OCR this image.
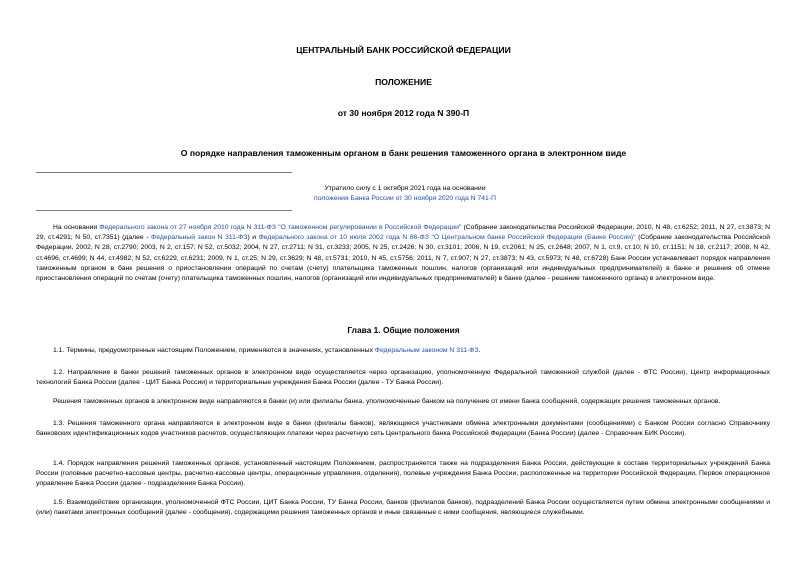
ЦЕНТРАЛЬНЫЙ БАНК РОССИЙСКОЙ ФЕДЕРАЦИИ
ПОЛОЖЕНИЕ
от 30 ноября 2012 года N 390-П
О порядке направления таможенным органом в банк решения таможенного органа в электронном виде
Утратило силу с 1 октября 2021 года на основании
положения Банка России от 30 ноября 2020 года N 741-П
На основании Федерального закона от 27 ноября 2010 года N 311-ФЗ "О таможенном регулировании в Российской Федерации" (Собрание законодательства Российской Федерации, 2010, N 48, ст.6252; 2011, N 27, ст.3873; N 29, ст.4291; N 50, ст.7351) (далее - Федеральный закон N 311-ФЗ) и Федерального закона от 10 июля 2002 года N 86-ФЗ "О Центральном банке Российской Федерации (Банке России)" (Собрание законодательства Российской Федерации, 2002, N 28, ст.2790; 2003, N 2, ст.157; N 52, ст.5032; 2004, N 27, ст.2711; N 31, ст.3233; 2005, N 25, ст.2426; N 30, ст.3101; 2006, N 19, ст.2061; N 25, ст.2648; 2007, N 1, ст.9, ст.10; N 10, ст.1151; N 18, ст.2117; 2008, N 42, ст.4696, ст.4699; N 44, ст.4982; N 52, ст.6229, ст.6231; 2009, N 1, ст.25; N 29, ст.3629; N 48, ст.5731; 2010, N 45, ст.5756; 2011, N 7, ст.907; N 27, ст.3873; N 43, ст.5973; N 48, ст.6728) Банк России устанавливает порядок направления таможенным органом в банк решения о приостановлении операций по счетам (счету) плательщика таможенных пошлин, налогов (организаций или индивидуальных предпринимателей) в банке и решения об отмене приостановления операций по счетам (счету) плательщика таможенных пошлин, налогов (организаций или индивидуальных предпринимателей) в банке (далее - решение таможенного органа) в электронном виде.
Глава 1. Общие положения
1.1. Термины, предусмотренные настоящим Положением, применяются в значениях, установленных Федеральным законом N 311-ФЗ.
1.2. Направление в банки решений таможенных органов в электронном виде осуществляется через организацию, уполномоченную Федеральной таможенной службой (далее - ФТС России), Центр информационных технологий Банка России (далее - ЦИТ Банка России) и территориальные учреждения Банка России (далее - ТУ Банка России).
Решения таможенных органов в электронном виде направляются в банки (и) или филиалы банка, уполномоченные банком на получение от имени банка сообщений, содержащих решения таможенных органов.
1.3. Решения таможенного органа направляются в электронном виде в банки (филиалы банков), являющиеся участниками обмена электронными документами (сообщениями) с Банком России согласно Справочнику банковских идентификационных кодов участников расчетов, осуществляющих платежи через расчетную сеть Центрального банка Российской Федерации (Банка России) (далее - Справочник БИК России).
1.4. Порядок направления решений таможенных органов, установленный настоящим Положением, распространяется также на подразделения Банка России, действующие в составе территориальных учреждений Банка России (головные расчетно-кассовые центры, расчетно-кассовые центры, операционные управления, отделения), полевые учреждения Банка России, расположенные на территории Российской Федерации, Первое операционное управление Банка России (далее - подразделения Банка России).
1.5. Взаимодействие организации, уполномоченной ФТС России, ЦИТ Банка России, ТУ Банка России, банков (филиалов банков), подразделений Банка России осуществляется путем обмена электронными сообщениями и (или) пакетами электронных сообщений (далее - сообщения), содержащими решения таможенных органов и иные связанные с ними сообщения, являющиеся служебными.
